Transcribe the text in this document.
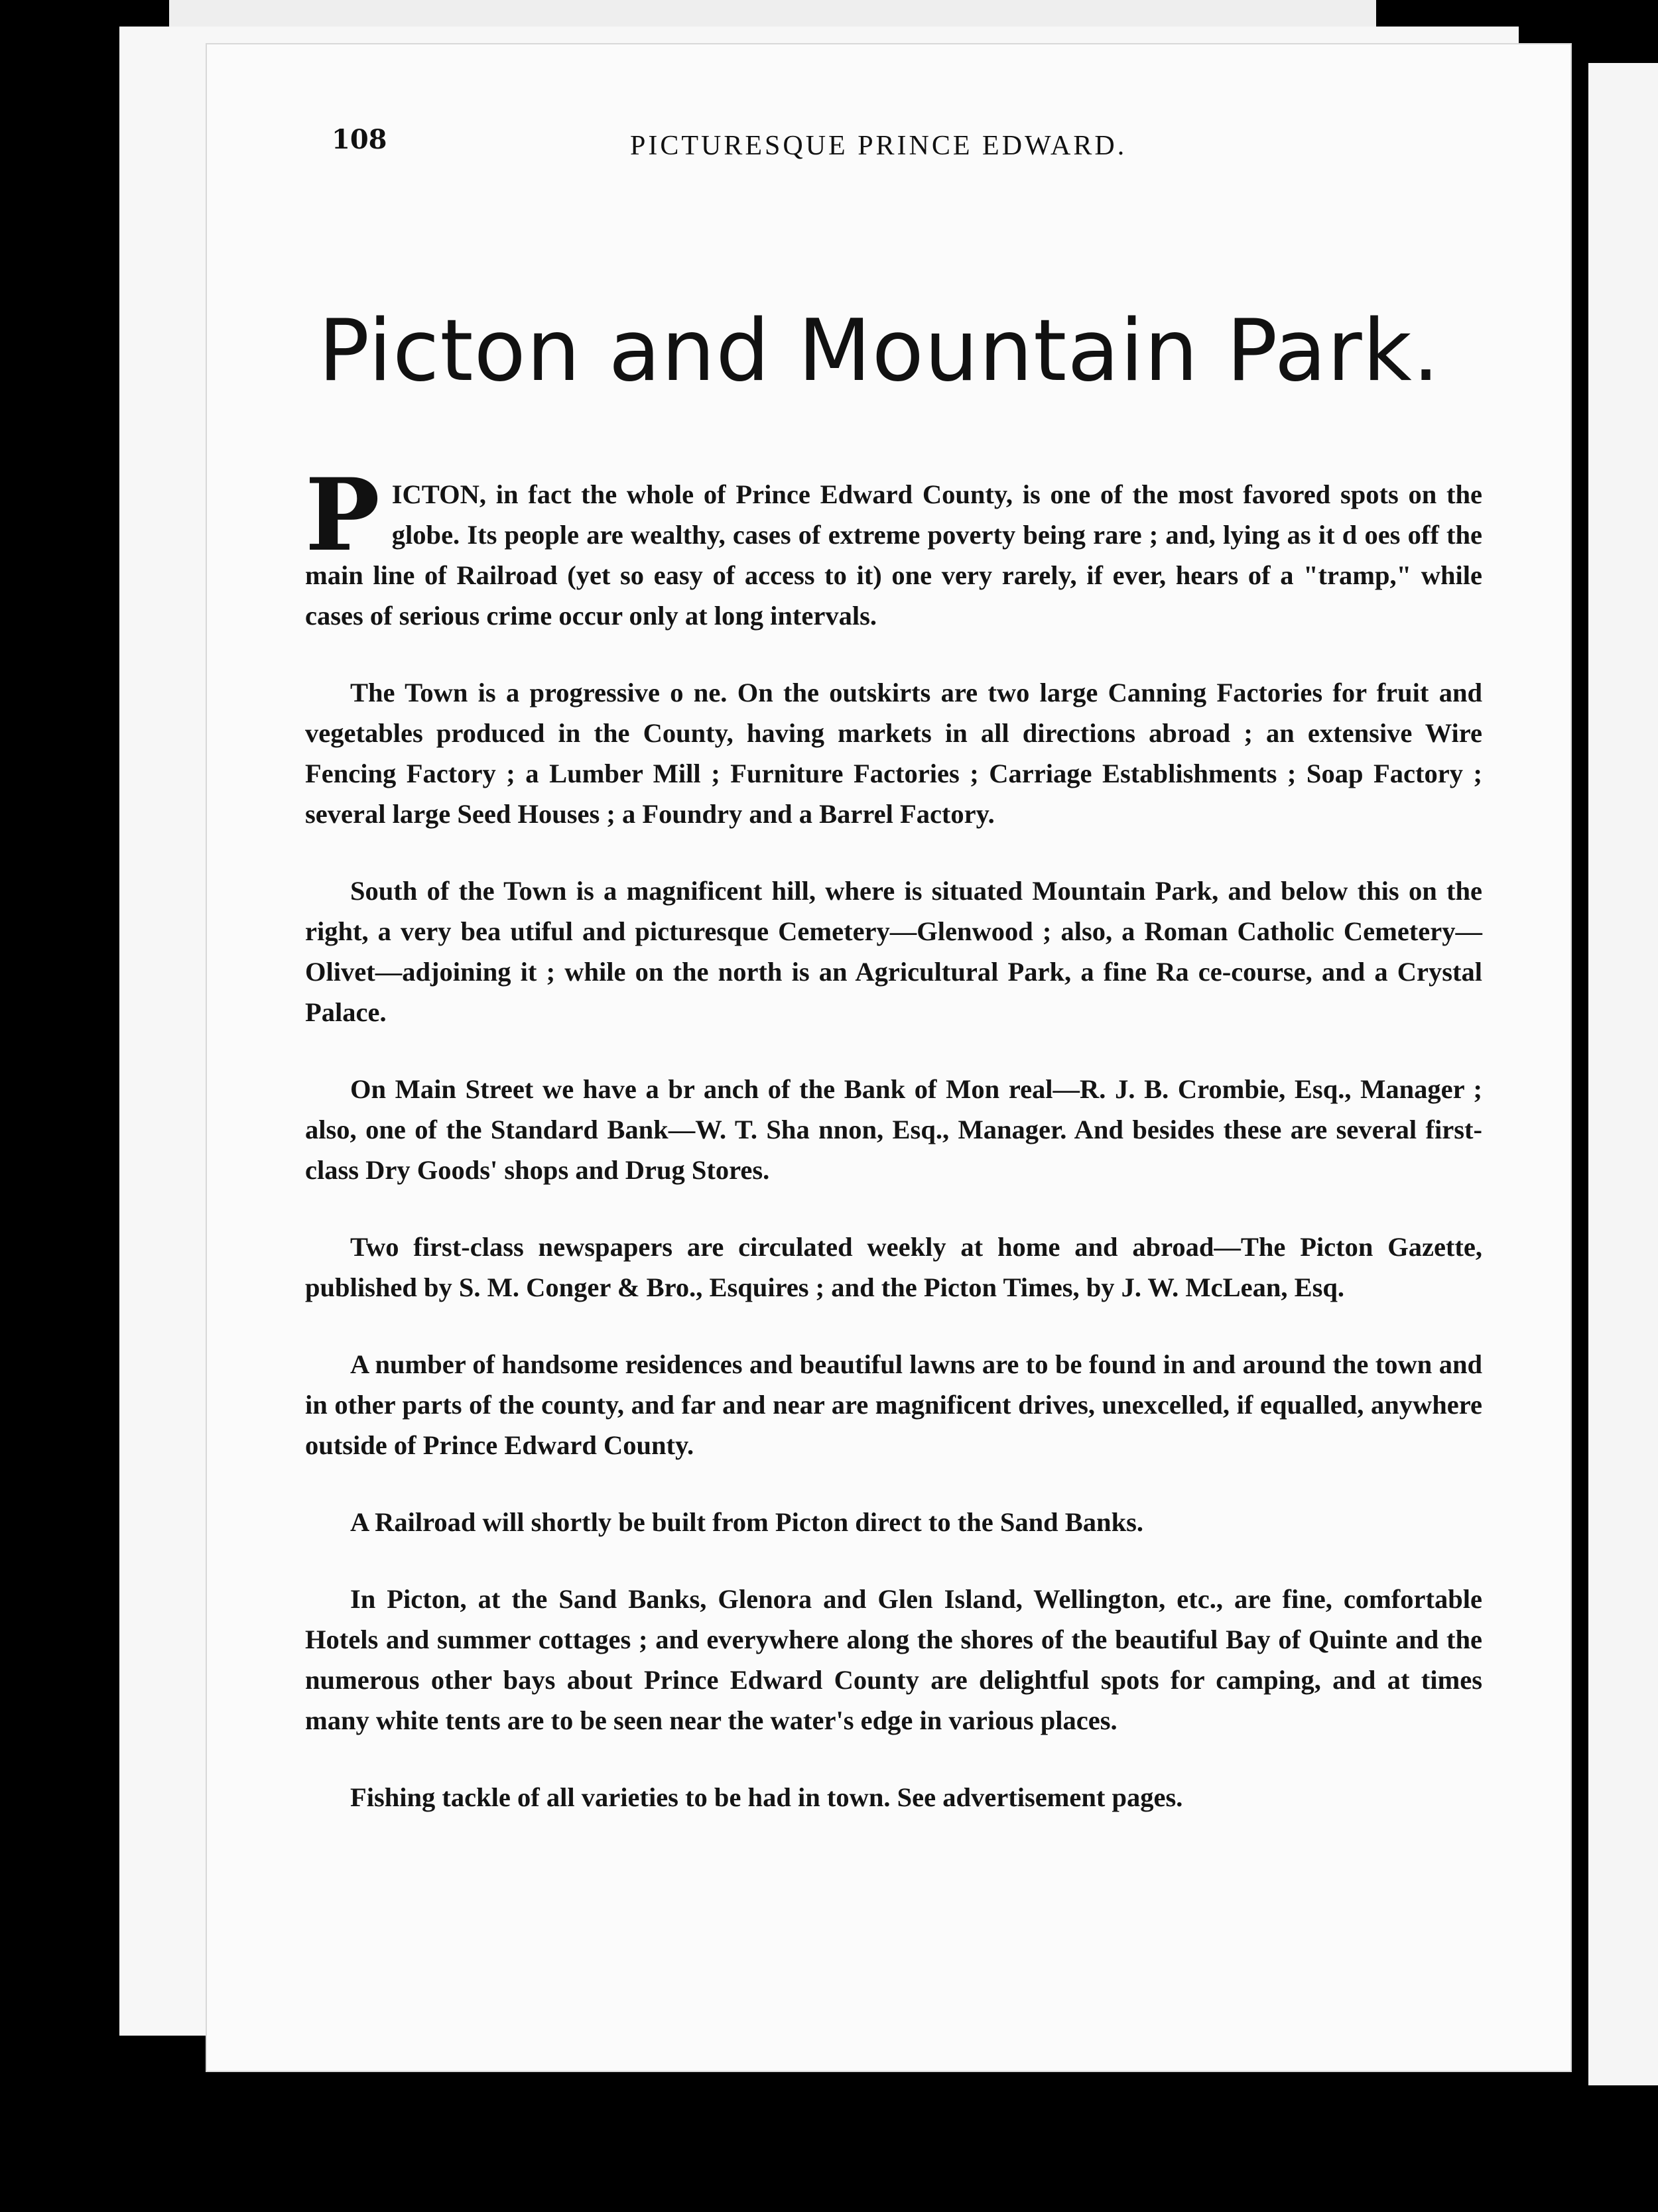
108	PICTURESQUE PRINCE EDWARD.
Picton and Mountain Park.

PICTON, in fact the whole of Prince Edward County, is one of the most favored spots on the globe. Its people are wealthy, cases of extreme poverty being rare ; and, lying as it d oes off the main line of Railroad (yet so easy of access to it) one very rarely, if ever, hears of a "tramp," while cases of serious crime occur only at long intervals.

The Town is a progressive o ne. On the outskirts are two large Canning Factories for fruit and vegetables produced in the County, having markets in all directions abroad ; an extensive Wire Fencing Factory ; a Lumber Mill ; Furniture Factories ; Carriage Establishments ; Soap Factory ; several large Seed Houses ; a Foundry and a Barrel Factory.

South of the Town is a magnificent hill, where is situated Mountain Park, and below this on the right, a very bea utiful and picturesque Cemetery—Glenwood ; also, a Roman Catholic Cemetery—Olivet—adjoining it ; while on the north is an Agricultural Park, a fine Ra ce-course, and a Crystal Palace.

On Main Street we have a br anch of the Bank of Mon real—R. J. B. Crombie, Esq., Manager ; also, one of the Standard Bank—W. T. Sha nnon, Esq., Manager. And besides these are several first-class Dry Goods' shops and Drug Stores.

Two first-class newspapers are circulated weekly at home and abroad—The Picton Gazette, published by S. M. Conger & Bro., Esquires ; and the Picton Times, by J. W. McLean, Esq.

A number of handsome residences and beautiful lawns are to be found in and around the town and in other parts of the county, and far and near are magnificent drives, unexcelled, if equalled, anywhere outside of Prince Edward County.

A Railroad will shortly be built from Picton direct to the Sand Banks.

In Picton, at the Sand Banks, Glenora and Glen Island, Wellington, etc., are fine, comfortable Hotels and summer cottages ; and everywhere along the shores of the beautiful Bay of Quinte and the numerous other bays about Prince Edward County are delightful spots for camping, and at times many white tents are to be seen near the water's edge in various places.

Fishing tackle of all varieties to be had in town. See advertisement pages.
